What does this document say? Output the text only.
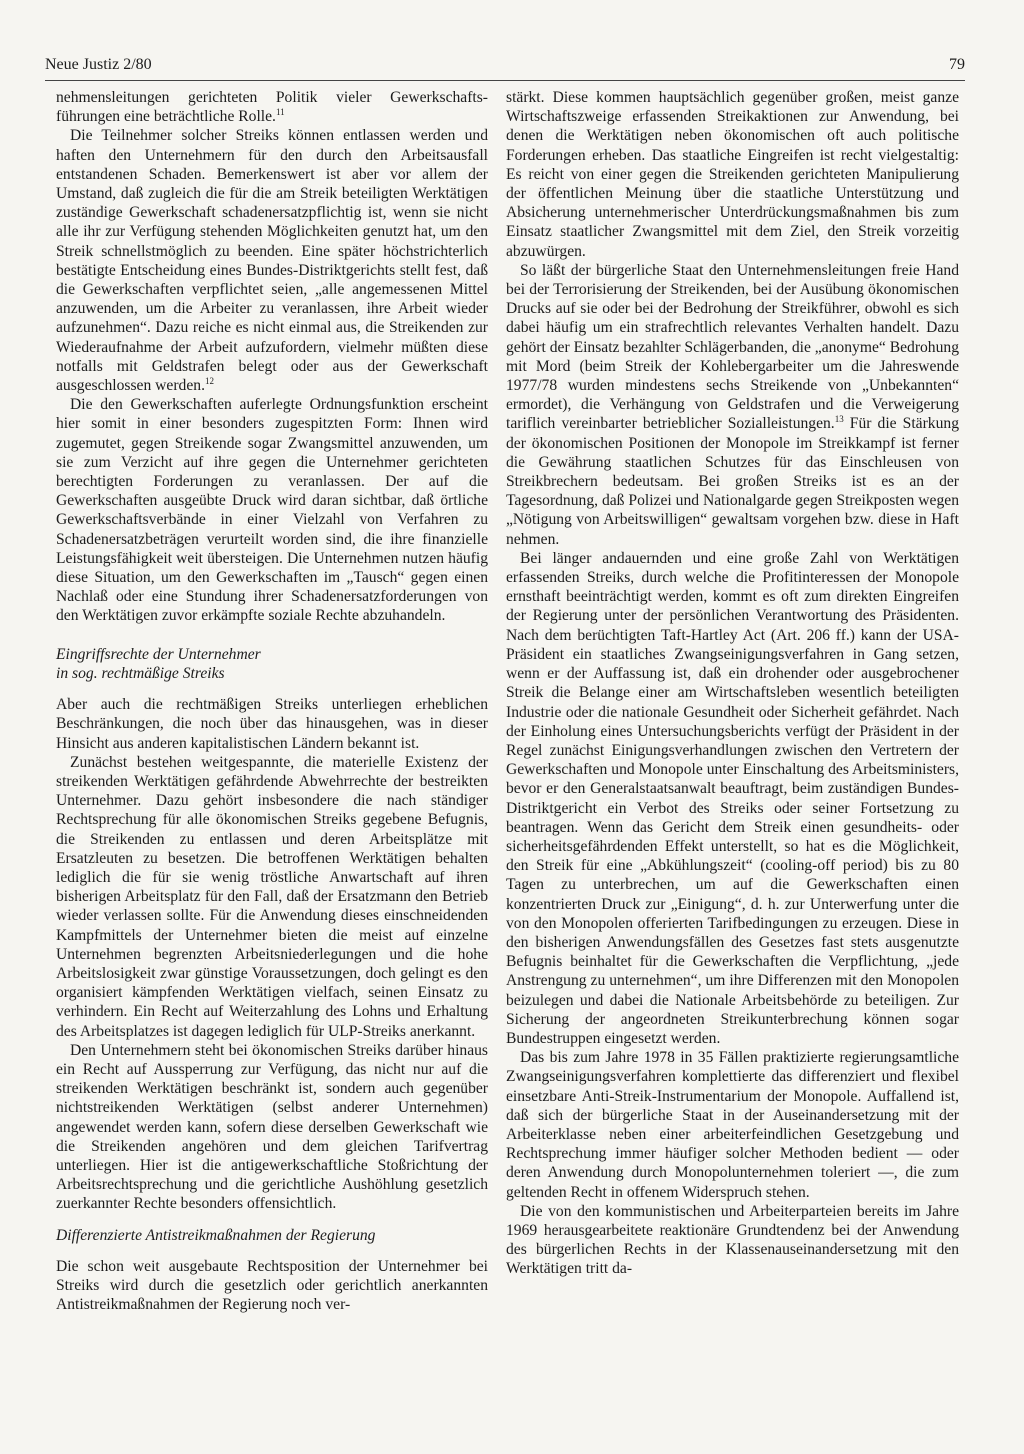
Neue Justiz 2/80	79

nehmensleitungen gerichteten Politik vieler Gewerkschafts-führungen eine beträchtliche Rolle.$^{11}$

Die Teilnehmer solcher Streiks können entlassen werden und haften den Unternehmern für den durch den Arbeitsausfall entstandenen Schaden. Bemerkenswert ist aber vor allem der Umstand, daß zugleich die für die am Streik beteiligten Werktätigen zuständige Gewerkschaft schadenersatzpflichtig ist, wenn sie nicht alle ihr zur Verfügung stehenden Möglichkeiten genutzt hat, um den Streik schnellstmöglich zu beenden. Eine später höchstrichterlich bestätigte Entscheidung eines Bundes-Distriktgerichts stellt fest, daß die Gewerkschaften verpflichtet seien, „alle angemessenen Mittel anzuwenden, um die Arbeiter zu veranlassen, ihre Arbeit wieder aufzunehmen“. Dazu reiche es nicht einmal aus, die Streikenden zur Wiederaufnahme der Arbeit aufzufordern, vielmehr müßten diese notfalls mit Geldstrafen belegt oder aus der Gewerkschaft ausgeschlossen werden.$^{12}$

Die den Gewerkschaften auferlegte Ordnungsfunktion erscheint hier somit in einer besonders zugespitzten Form: Ihnen wird zugemutet, gegen Streikende sogar Zwangsmittel anzuwenden, um sie zum Verzicht auf ihre gegen die Unternehmer gerichteten berechtigten Forderungen zu veranlassen. Der auf die Gewerkschaften ausgeübte Druck wird daran sichtbar, daß örtliche Gewerkschaftsverbände in einer Vielzahl von Verfahren zu Schadenersatzbeträgen verurteilt worden sind, die ihre finanzielle Leistungsfähigkeit weit übersteigen. Die Unternehmen nutzen häufig diese Situation, um den Gewerkschaften im „Tausch“ gegen einen Nachlaß oder eine Stundung ihrer Schadenersatzforderungen von den Werktätigen zuvor erkämpfte soziale Rechte abzuhandeln.

Eingriffsrechte der Unternehmer
in sog. rechtmäßige Streiks

Aber auch die rechtmäßigen Streiks unterliegen erheblichen Beschränkungen, die noch über das hinausgehen, was in dieser Hinsicht aus anderen kapitalistischen Ländern bekannt ist.

Zunächst bestehen weitgespannte, die materielle Existenz der streikenden Werktätigen gefährdende Abwehrrechte der bestreikten Unternehmer. Dazu gehört insbesondere die nach ständiger Rechtsprechung für alle ökonomischen Streiks gegebene Befugnis, die Streikenden zu entlassen und deren Arbeitsplätze mit Ersatzleuten zu besetzen. Die betroffenen Werktätigen behalten lediglich die für sie wenig tröstliche Anwartschaft auf ihren bisherigen Arbeitsplatz für den Fall, daß der Ersatzmann den Betrieb wieder verlassen sollte. Für die Anwendung dieses einschneidenden Kampfmittels der Unternehmer bieten die meist auf einzelne Unternehmen begrenzten Arbeitsniederlegungen und die hohe Arbeitslosigkeit zwar günstige Voraussetzungen, doch gelingt es den organisiert kämpfenden Werktätigen vielfach, seinen Einsatz zu verhindern. Ein Recht auf Weiterzahlung des Lohns und Erhaltung des Arbeitsplatzes ist dagegen lediglich für ULP-Streiks anerkannt.

Den Unternehmern steht bei ökonomischen Streiks darüber hinaus ein Recht auf Aussperrung zur Verfügung, das nicht nur auf die streikenden Werktätigen beschränkt ist, sondern auch gegenüber nichtstreikenden Werktätigen (selbst anderer Unternehmen) angewendet werden kann, sofern diese derselben Gewerkschaft wie die Streikenden angehören und dem gleichen Tarifvertrag unterliegen. Hier ist die antigewerkschaftliche Stoßrichtung der Arbeitsrechtsprechung und die gerichtliche Aushöhlung gesetzlich zuerkannter Rechte besonders offensichtlich.

Differenzierte Antistreikmaßnahmen der Regierung

Die schon weit ausgebaute Rechtsposition der Unternehmer bei Streiks wird durch die gesetzlich oder gerichtlich anerkannten Antistreikmaßnahmen der Regierung noch ver-

stärkt. Diese kommen hauptsächlich gegenüber großen, meist ganze Wirtschaftszweige erfassenden Streikaktionen zur Anwendung, bei denen die Werktätigen neben ökonomischen oft auch politische Forderungen erheben. Das staatliche Eingreifen ist recht vielgestaltig: Es reicht von einer gegen die Streikenden gerichteten Manipulierung der öffentlichen Meinung über die staatliche Unterstützung und Absicherung unternehmerischer Unterdrückungsmaßnahmen bis zum Einsatz staatlicher Zwangsmittel mit dem Ziel, den Streik vorzeitig abzuwürgen.

So läßt der bürgerliche Staat den Unternehmensleitungen freie Hand bei der Terrorisierung der Streikenden, bei der Ausübung ökonomischen Drucks auf sie oder bei der Bedrohung der Streikführer, obwohl es sich dabei häufig um ein strafrechtlich relevantes Verhalten handelt. Dazu gehört der Einsatz bezahlter Schlägerbanden, die „anonyme“ Bedrohung mit Mord (beim Streik der Kohlebergarbeiter um die Jahreswende 1977/78 wurden mindestens sechs Streikende von „Unbekannten“ ermordet), die Verhängung von Geldstrafen und die Verweigerung tariflich vereinbarter betrieblicher Sozialleistungen.$^{13}$ Für die Stärkung der ökonomischen Positionen der Monopole im Streikkampf ist ferner die Gewährung staatlichen Schutzes für das Einschleusen von Streikbrechern bedeutsam. Bei großen Streiks ist es an der Tagesordnung, daß Polizei und Nationalgarde gegen Streikposten wegen „Nötigung von Arbeitswilligen“ gewaltsam vorgehen bzw. diese in Haft nehmen.

Bei länger andauernden und eine große Zahl von Werktätigen erfassenden Streiks, durch welche die Profitinteressen der Monopole ernsthaft beeinträchtigt werden, kommt es oft zum direkten Eingreifen der Regierung unter der persönlichen Verantwortung des Präsidenten. Nach dem berüchtigten Taft-Hartley Act (Art. 206 ff.) kann der USA-Präsident ein staatliches Zwangseinigungsverfahren in Gang setzen, wenn er der Auffassung ist, daß ein drohender oder ausgebrochener Streik die Belange einer am Wirtschaftsleben wesentlich beteiligten Industrie oder die nationale Gesundheit oder Sicherheit gefährdet. Nach der Einholung eines Untersuchungsberichts verfügt der Präsident in der Regel zunächst Einigungsverhandlungen zwischen den Vertretern der Gewerkschaften und Monopole unter Einschaltung des Arbeitsministers, bevor er den Generalstaatsanwalt beauftragt, beim zuständigen Bundes-Distriktgericht ein Verbot des Streiks oder seiner Fortsetzung zu beantragen. Wenn das Gericht dem Streik einen gesundheits- oder sicherheitsgefährdenden Effekt unterstellt, so hat es die Möglichkeit, den Streik für eine „Abkühlungszeit“ (cooling-off period) bis zu 80 Tagen zu unterbrechen, um auf die Gewerkschaften einen konzentrierten Druck zur „Einigung“, d. h. zur Unterwerfung unter die von den Monopolen offerierten Tarifbedingungen zu erzeugen. Diese in den bisherigen Anwendungsfällen des Gesetzes fast stets ausgenutzte Befugnis beinhaltet für die Gewerkschaften die Verpflichtung, „jede Anstrengung zu unternehmen“, um ihre Differenzen mit den Monopolen beizulegen und dabei die Nationale Arbeitsbehörde zu beteiligen. Zur Sicherung der angeordneten Streikunterbrechung können sogar Bundestruppen eingesetzt werden.

Das bis zum Jahre 1978 in 35 Fällen praktizierte regierungsamtliche Zwangseinigungsverfahren komplettierte das differenziert und flexibel einsetzbare Anti-Streik-Instrumentarium der Monopole. Auffallend ist, daß sich der bürgerliche Staat in der Auseinandersetzung mit der Arbeiterklasse neben einer arbeiterfeindlichen Gesetzgebung und Rechtsprechung immer häufiger solcher Methoden bedient — oder deren Anwendung durch Monopolunternehmen toleriert —, die zum geltenden Recht in offenem Widerspruch stehen.

Die von den kommunistischen und Arbeiterparteien bereits im Jahre 1969 herausgearbeitete reaktionäre Grundtendenz bei der Anwendung des bürgerlichen Rechts in der Klassenauseinandersetzung mit den Werktätigen tritt da-
